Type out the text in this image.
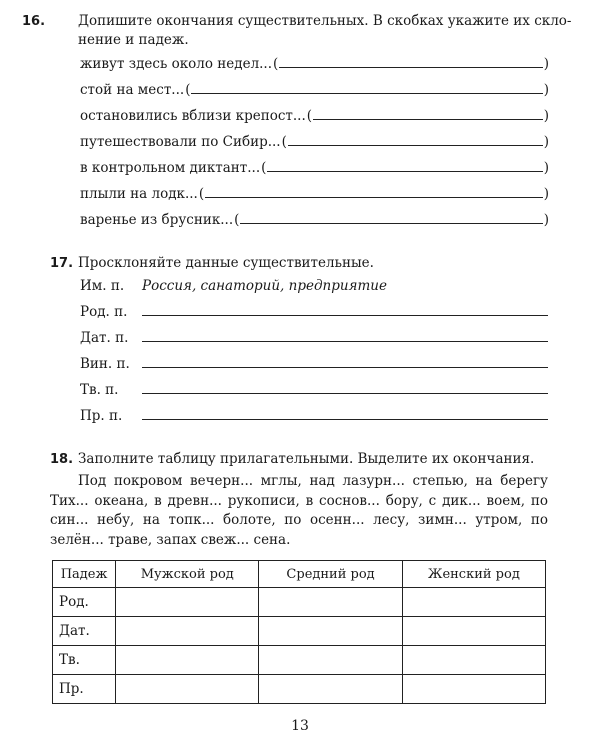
16. Допишите окончания существительных. В скобках укажите их скло-
нение и падеж.
живут здесь около недел... (	)
стой на мест... (	)
остановились вблизи крепост... (	)
путешествовали по Сибир... (	)
в контрольном диктант... (	)
плыли на лодк... (	)
варенье из брусник... (	)
17. Просклоняйте данные существительные.
Им. п.	Россия, санаторий, предприятие
Род. п.
Дат. п.
Вин. п.
Тв. п.
Пр. п.
18. Заполните таблицу прилагательными. Выделите их окончания.
Под покровом вечерн... мглы, над лазурн... степью, на берегу Тих... океана, в древн... рукописи, в соснов... бору, с дик... воем, по син... небу, на топк... болоте, по осенн... лесу, зимн... утром, по зелён... траве, запах свеж... сена.
Падеж	Мужской род	Средний род	Женский род
Род.			
Дат.			
Тв.			
Пр.			
13
